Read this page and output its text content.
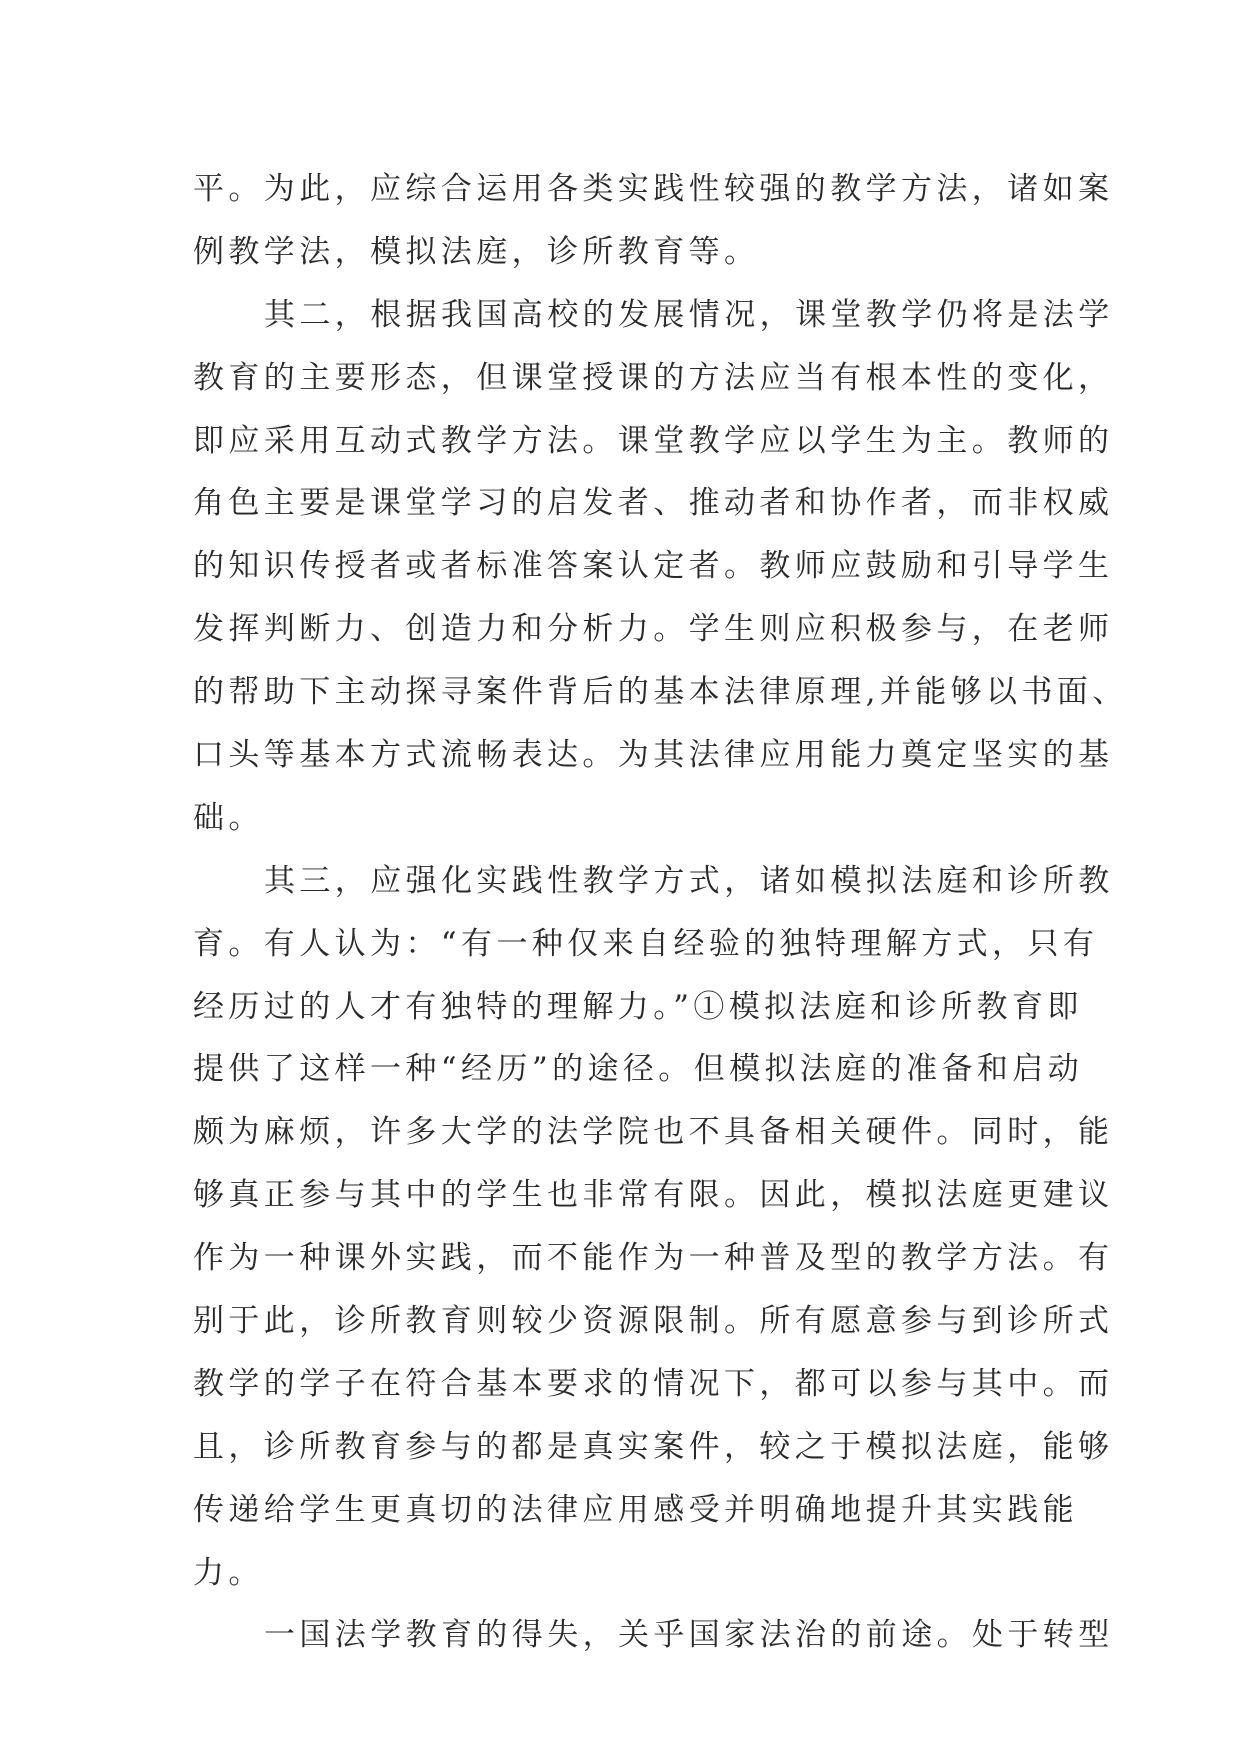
平。为此，应综合运用各类实践性较强的教学方法，诸如案
例教学法，模拟法庭，诊所教育等。
其二，根据我国高校的发展情况，课堂教学仍将是法学
教育的主要形态，但课堂授课的方法应当有根本性的变化，
即应采用互动式教学方法。课堂教学应以学生为主。教师的
角色主要是课堂学习的启发者、推动者和协作者，而非权威
的知识传授者或者标准答案认定者。教师应鼓励和引导学生
发挥判断力、创造力和分析力。学生则应积极参与，在老师
的帮助下主动探寻案件背后的基本法律原理,并能够以书面、
口头等基本方式流畅表达。为其法律应用能力奠定坚实的基
础。
其三，应强化实践性教学方式，诸如模拟法庭和诊所教
育。有人认为：“有一种仅来自经验的独特理解方式，只有
经历过的人才有独特的理解力。”①模拟法庭和诊所教育即
提供了这样一种“经历”的途径。但模拟法庭的准备和启动
颇为麻烦，许多大学的法学院也不具备相关硬件。同时，能
够真正参与其中的学生也非常有限。因此，模拟法庭更建议
作为一种课外实践，而不能作为一种普及型的教学方法。有
别于此，诊所教育则较少资源限制。所有愿意参与到诊所式
教学的学子在符合基本要求的情况下，都可以参与其中。而
且，诊所教育参与的都是真实案件，较之于模拟法庭，能够
传递给学生更真切的法律应用感受并明确地提升其实践能
力。
一国法学教育的得失，关乎国家法治的前途。处于转型
